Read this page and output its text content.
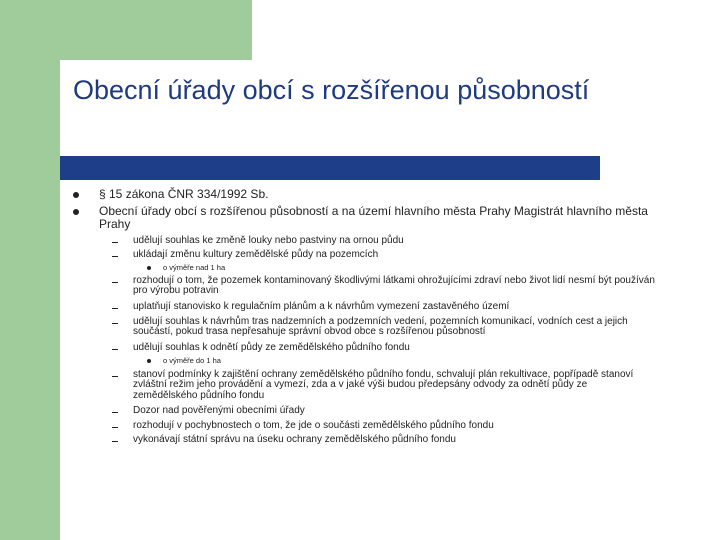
Obecní úřady obcí s rozšířenou působností
§ 15 zákona ČNR 334/1992 Sb.
Obecní úřady obcí s rozšířenou působností a na území hlavního města Prahy Magistrát hlavního města Prahy
udělují souhlas ke změně louky nebo pastviny na ornou půdu
ukládají změnu kultury zemědělské půdy na pozemcích
o výměře nad 1 ha
rozhodují o tom, že pozemek kontaminovaný škodlivými látkami ohrožujícími zdraví nebo život lidí nesmí být používán pro výrobu potravin
uplatňují stanovisko k regulačním plánům a k návrhům vymezení zastavěného území
udělují souhlas k návrhům tras nadzemních a podzemních vedení, pozemních komunikací, vodních cest a jejich součástí, pokud trasa nepřesahuje správní obvod obce s rozšířenou působností
udělují souhlas k odnětí půdy ze zemědělského půdního fondu
o výměře do 1 ha
stanoví podmínky k zajištění ochrany zemědělského půdního fondu, schvalují plán rekultivace, popřípadě stanoví zvláštní režim jeho provádění a vymezí, zda a v jaké výši budou předepsány odvody za odnětí půdy ze zemědělského půdního fondu
Dozor nad pověřenými obecními úřady
rozhodují v pochybnostech o tom, že jde o součásti zemědělského půdního fondu
vykonávají státní správu na úseku ochrany zemědělského půdního fondu
